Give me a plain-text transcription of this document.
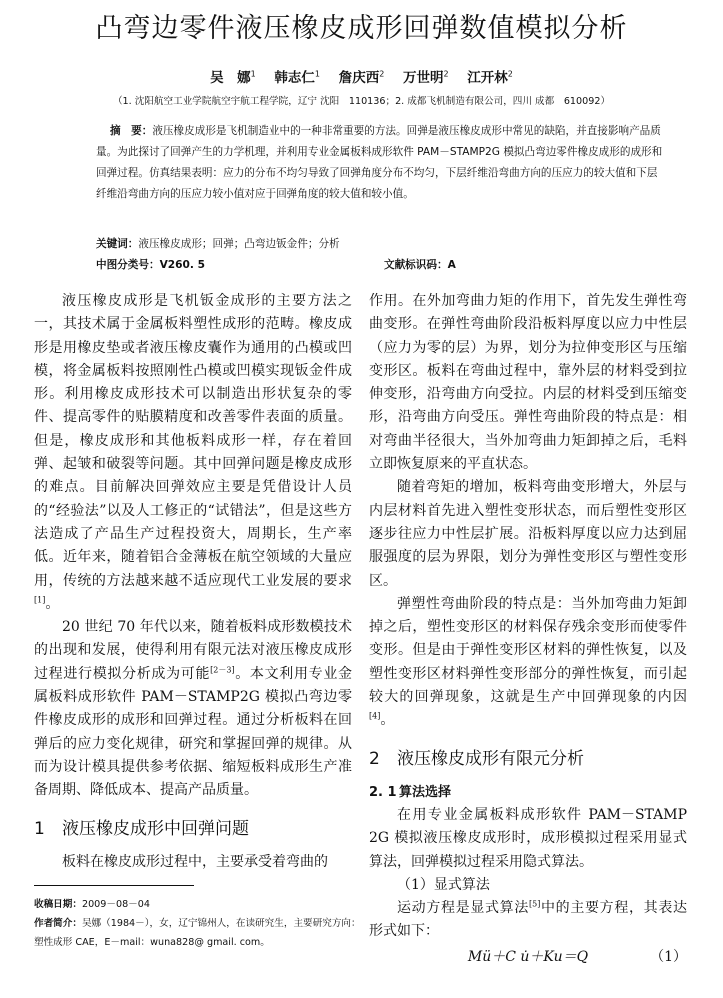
凸弯边零件液压橡皮成形回弹数值模拟分析
吴　娜$^1$ 韩志仁$^1$ 詹庆西$^2$ 万世明$^2$ 江开林$^2$
（1. 沈阳航空工业学院航空宇航工程学院，辽宁 沈阳　110136；2. 成都飞机制造有限公司，四川 成都　610092）
摘　要：液压橡皮成形是飞机制造业中的一种非常重要的方法。回弹是液压橡皮成形中常见的缺陷，并直接影响产品质量。为此探讨了回弹产生的力学机理，并利用专业金属板料成形软件 PAM－STAMP2G 模拟凸弯边零件橡皮成形的成形和回弹过程。仿真结果表明：应力的分布不均匀导致了回弹角度分布不均匀，下层纤维沿弯曲方向的压应力的较大值和下层纤维沿弯曲方向的压应力较小值对应于回弹角度的较大值和较小值。
关键词：液压橡皮成形；回弹；凸弯边钣金件；分析
中图分类号：V260. 5	文献标识码：A

液压橡皮成形是飞机钣金成形的主要方法之一，其技术属于金属板料塑性成形的范畴。橡皮成形是用橡皮垫或者液压橡皮囊作为通用的凸模或凹模，将金属板料按照刚性凸模或凹模实现钣金件成形。利用橡皮成形技术可以制造出形状复杂的零件、提高零件的贴膜精度和改善零件表面的质量。但是，橡皮成形和其他板料成形一样，存在着回弹、起皱和破裂等问题。其中回弹问题是橡皮成形的难点。目前解决回弹效应主要是凭借设计人员的“经验法”以及人工修正的“试错法”，但是这些方法造成了产品生产过程投资大，周期长，生产率低。近年来，随着铝合金薄板在航空领域的大量应用，传统的方法越来越不适应现代工业发展的要求[1]。

20 世纪 70 年代以来，随着板料成形数模技术的出现和发展，使得利用有限元法对液压橡皮成形过程进行模拟分析成为可能[2－3]。本文利用专业金属板料成形软件 PAM－STAMP2G 模拟凸弯边零件橡皮成形的成形和回弹过程。通过分析板料在回弹后的应力变化规律，研究和掌握回弹的规律。从而为设计模具提供参考依据、缩短板料成形生产准备周期、降低成本、提高产品质量。

1 液压橡皮成形中回弹问题

板料在橡皮成形过程中，主要承受着弯曲的

作用。在外加弯曲力矩的作用下，首先发生弹性弯曲变形。在弹性弯曲阶段沿板料厚度以应力中性层（应力为零的层）为界，划分为拉伸变形区与压缩变形区。板料在弯曲过程中，靠外层的材料受到拉伸变形，沿弯曲方向受拉。内层的材料受到压缩变形，沿弯曲方向受压。弹性弯曲阶段的特点是：相对弯曲半径很大，当外加弯曲力矩卸掉之后，毛料立即恢复原来的平直状态。

随着弯矩的增加，板料弯曲变形增大，外层与内层材料首先进入塑性变形状态，而后塑性变形区逐步往应力中性层扩展。沿板料厚度以应力达到屈服强度的层为界限，划分为弹性变形区与塑性变形区。

弹塑性弯曲阶段的特点是：当外加弯曲力矩卸掉之后，塑性变形区的材料保存残余变形而使零件变形。但是由于弹性变形区材料的弹性恢复，以及塑性变形区材料弹性变形部分的弹性恢复，而引起较大的回弹现象，这就是生产中回弹现象的内因[4]。

2 液压橡皮成形有限元分析
2. 1 算法选择

在用专业金属板料成形软件 PAM－STAMP 2G 模拟液压橡皮成形时，成形模拟过程采用显式算法，回弹模拟过程采用隐式算法。

（1）显式算法

运动方程是显式算法[5]中的主要方程，其表达形式如下：

Mü＋C u̇＋Ku＝Q	（1）
收稿日期：2009－08－04
作者简介：吴娜（1984－），女，辽宁锦州人，在读研究生，主要研究方向：塑性成形 CAE，E－mail：wuna828@ gmail. com。
